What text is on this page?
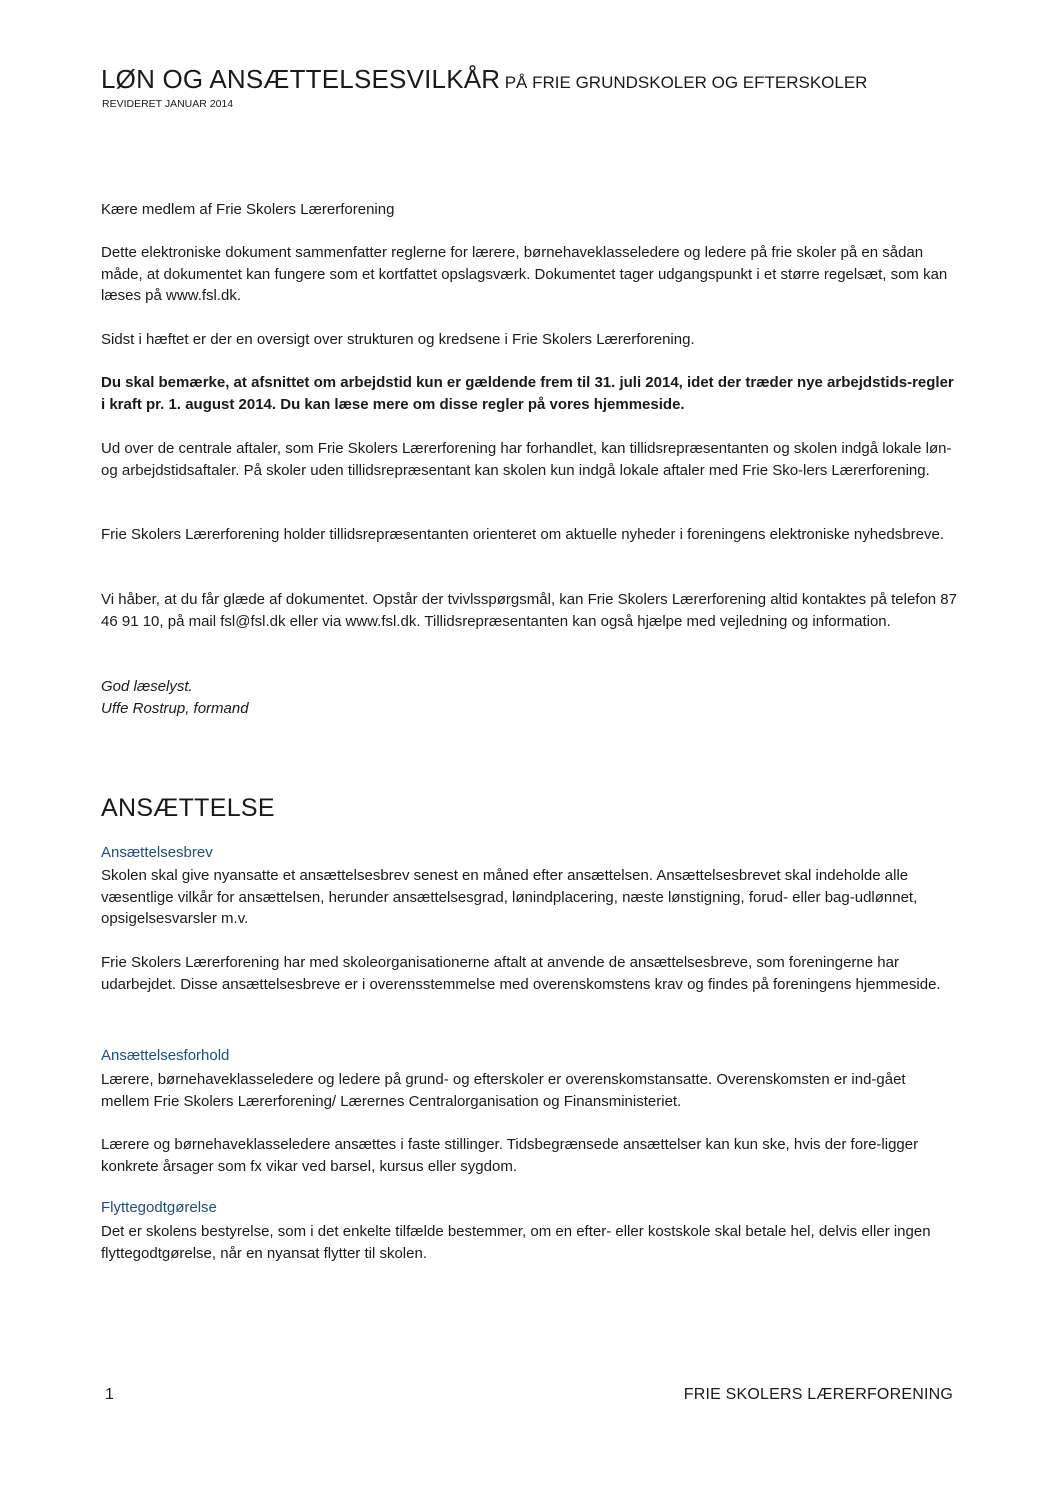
LØN OG ANSÆTTELSESVILKÅR PÅ FRIE GRUNDSKOLER OG EFTERSKOLER
REVIDERET JANUAR 2014

Kære medlem af Frie Skolers Lærerforening

Dette elektroniske dokument sammenfatter reglerne for lærere, børnehaveklasseledere og ledere på frie skoler på en sådan måde, at dokumentet kan fungere som et kortfattet opslagsværk. Dokumentet tager udgangspunkt i et større regelsæt, som kan læses på www.fsl.dk.

Sidst i hæftet er der en oversigt over strukturen og kredsene i Frie Skolers Lærerforening.

Du skal bemærke, at afsnittet om arbejdstid kun er gældende frem til 31. juli 2014, idet der træder nye arbejdstids-regler i kraft pr. 1. august 2014. Du kan læse mere om disse regler på vores hjemmeside.

Ud over de centrale aftaler, som Frie Skolers Lærerforening har forhandlet, kan tillidsrepræsentanten og skolen indgå lokale løn- og arbejdstidsaftaler. På skoler uden tillidsrepræsentant kan skolen kun indgå lokale aftaler med Frie Sko-lers Lærerforening.

Frie Skolers Lærerforening holder tillidsrepræsentanten orienteret om aktuelle nyheder i foreningens elektroniske nyhedsbreve.

Vi håber, at du får glæde af dokumentet. Opstår der tvivlsspørgsmål, kan Frie Skolers Lærerforening altid kontaktes på telefon 87 46 91 10, på mail fsl@fsl.dk eller via www.fsl.dk. Tillidsrepræsentanten kan også hjælpe med vejledning og information.

God læselyst.

Uffe Rostrup, formand

ANSÆTTELSE
Ansættelsesbrev

Skolen skal give nyansatte et ansættelsesbrev senest en måned efter ansættelsen. Ansættelsesbrevet skal indeholde alle væsentlige vilkår for ansættelsen, herunder ansættelsesgrad, lønindplacering, næste lønstigning, forud- eller bag-udlønnet, opsigelsesvarsler m.v.

Frie Skolers Lærerforening har med skoleorganisationerne aftalt at anvende de ansættelsesbreve, som foreningerne har udarbejdet. Disse ansættelsesbreve er i overensstemmelse med overenskomstens krav og findes på foreningens hjemmeside.

Ansættelsesforhold

Lærere, børnehaveklasseledere og ledere på grund- og efterskoler er overenskomstansatte. Overenskomsten er ind-gået mellem Frie Skolers Lærerforening/ Lærernes Centralorganisation og Finansministeriet.

Lærere og børnehaveklasseledere ansættes i faste stillinger. Tidsbegrænsede ansættelser kan kun ske, hvis der fore-ligger konkrete årsager som fx vikar ved barsel, kursus eller sygdom.

Flyttegodtgørelse

Det er skolens bestyrelse, som i det enkelte tilfælde bestemmer, om en efter- eller kostskole skal betale hel, delvis eller ingen flyttegodtgørelse, når en nyansat flytter til skolen.

1	FRIE SKOLERS LÆRERFORENING
